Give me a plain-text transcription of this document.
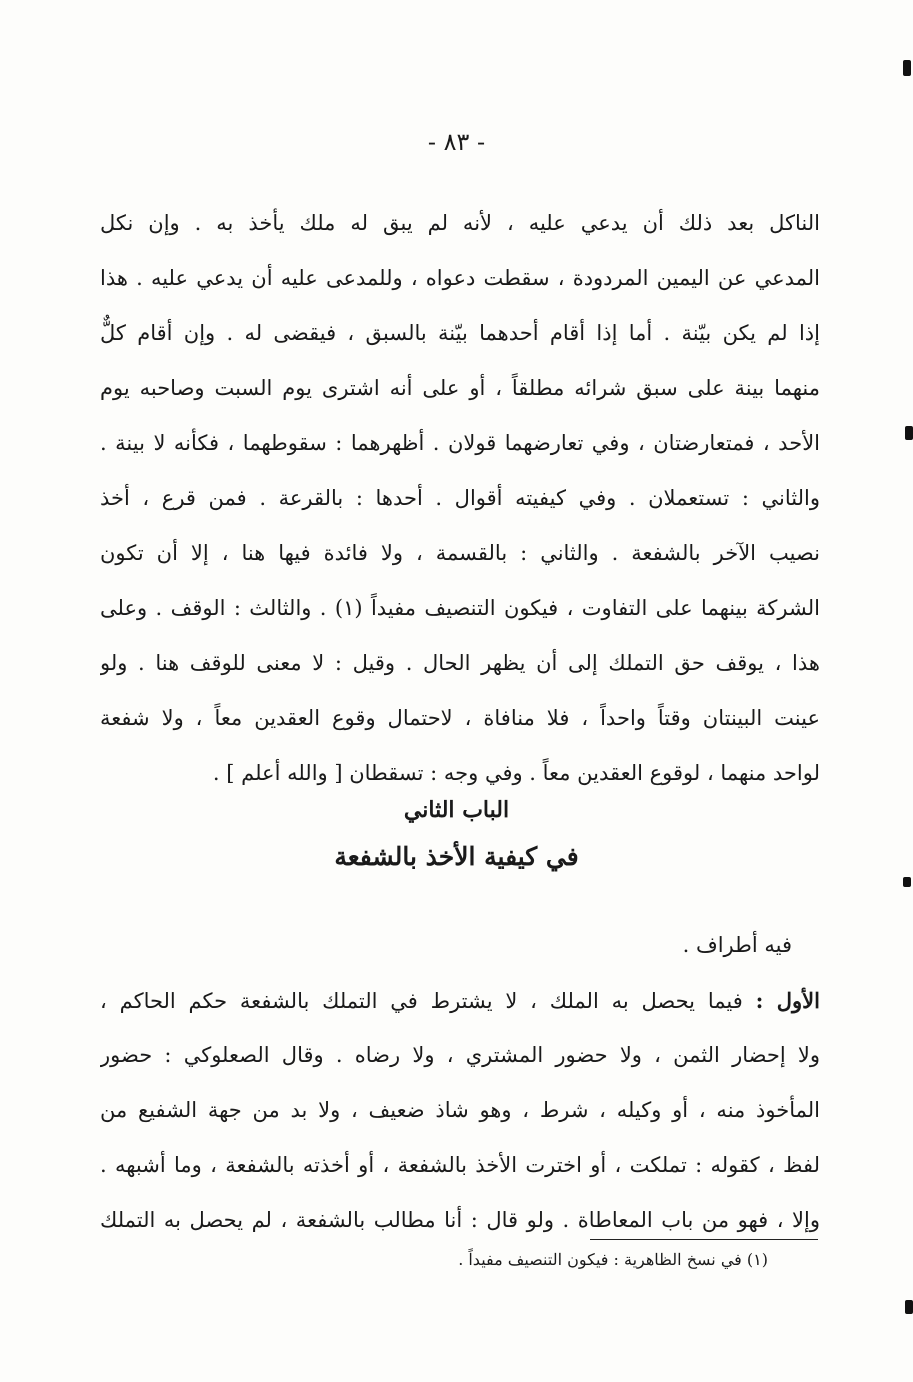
- ٨٣ -
الناكل بعد ذلك أن يدعي عليه ، لأنه لم يبق له ملك يأخذ به . وإن نكل
المدعي عن اليمين المردودة ، سقطت دعواه ، وللمدعى عليه أن يدعي عليه . هذا
إذا لم يكن بيّنة . أما إذا أقام أحدهما بيّنة بالسبق ، فيقضى له . وإن أقام كلٌّ
منهما بينة على سبق شرائه مطلقاً ، أو على أنه اشترى يوم السبت وصاحبه يوم
الأحد ، فمتعارضتان ، وفي تعارضهما قولان . أظهرهما : سقوطهما ، فكأنه لا بينة .
والثاني : تستعملان . وفي كيفيته أقوال . أحدها : بالقرعة . فمن قرع ، أخذ
نصيب الآخر بالشفعة . والثاني : بالقسمة ، ولا فائدة فيها هنا ، إلا أن تكون
الشركة بينهما على التفاوت ، فيكون التنصيف مفيداً (١) . والثالث : الوقف . وعلى
هذا ، يوقف حق التملك إلى أن يظهر الحال . وقيل : لا معنى للوقف هنا . ولو
عينت البينتان وقتاً واحداً ، فلا منافاة ، لاحتمال وقوع العقدين معاً ، ولا شفعة
لواحد منهما ، لوقوع العقدين معاً . وفي وجه : تسقطان [ والله أعلم ] .
الباب الثاني
في كيفية الأخذ بالشفعة
فيه أطراف .
الأول : فيما يحصل به الملك ، لا يشترط في التملك بالشفعة حكم الحاكم ،
ولا إحضار الثمن ، ولا حضور المشتري ، ولا رضاه . وقال الصعلوكي : حضور
المأخوذ منه ، أو وكيله ، شرط ، وهو شاذ ضعيف ، ولا بد من جهة الشفيع من
لفظ ، كقوله : تملكت ، أو اخترت الأخذ بالشفعة ، أو أخذته بالشفعة ، وما أشبهه .
وإلا ، فهو من باب المعاطاة . ولو قال : أنا مطالب بالشفعة ، لم يحصل به التملك
(١) في نسخ الظاهرية : فيكون التنصيف مفيداً .
